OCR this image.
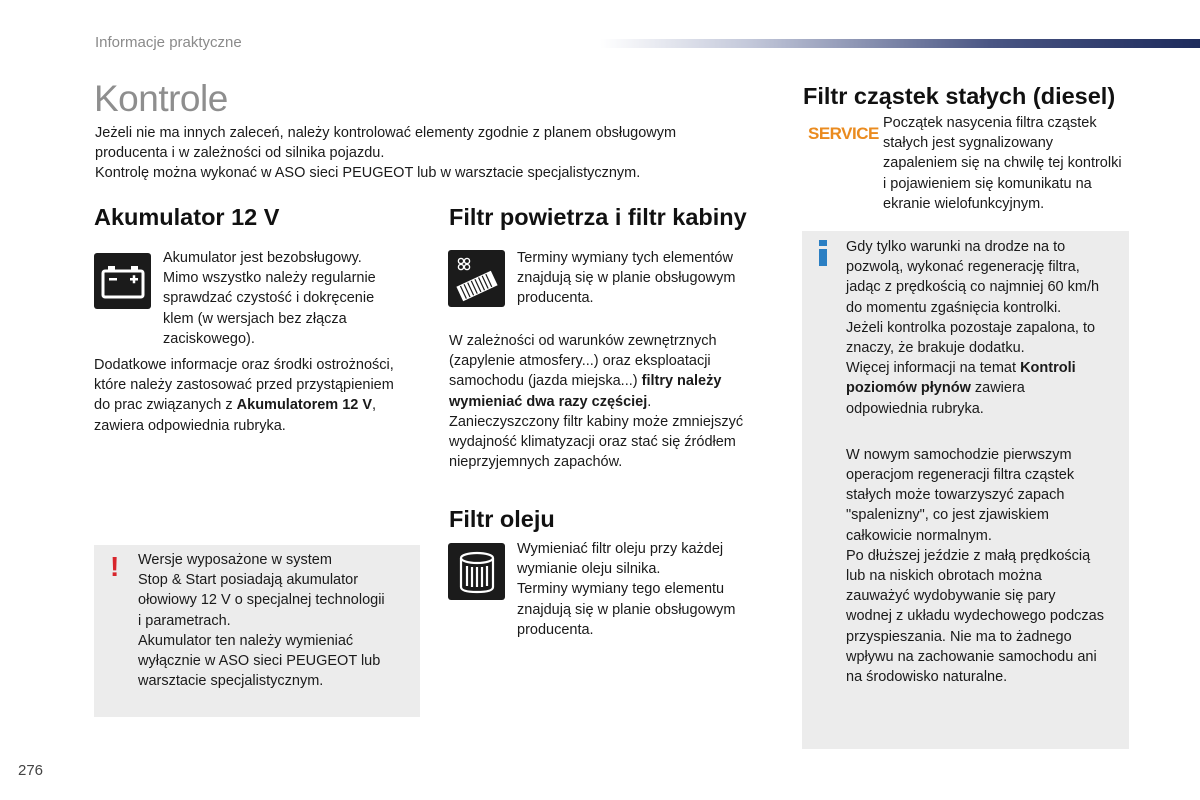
Informacje praktyczne
Kontrole

Jeżeli nie ma innych zaleceń, należy kontrolować elementy zgodnie z planem obsługowym

producenta i w zależności od silnika pojazdu.

Kontrolę można wykonać w ASO sieci PEUGEOT lub w warsztacie specjalistycznym.

Akumulator 12 V

Akumulator jest bezobsługowy.

Mimo wszystko należy regularnie

sprawdzać czystość i dokręcenie

klem (w wersjach bez złącza

zaciskowego).

Dodatkowe informacje oraz środki ostrożności,

które należy zastosować przed przystąpieniem

do prac związanych z Akumulatorem 12 V,

zawiera odpowiednia rubryka.

! Wersje wyposażone w system

Stop & Start posiadają akumulator

ołowiowy 12 V o specjalnej technologii

i parametrach.

Akumulator ten należy wymieniać

wyłącznie w ASO sieci PEUGEOT lub

warsztacie specjalistycznym.

Filtr powietrza i filtr kabiny

Terminy wymiany tych elementów

znajdują się w planie obsługowym

producenta.

W zależności od warunków zewnętrznych

(zapylenie atmosfery...) oraz eksploatacji

samochodu (jazda miejska...) filtry należy

wymieniać dwa razy częściej.

Zanieczyszczony filtr kabiny może zmniejszyć

wydajność klimatyzacji oraz stać się źródłem

nieprzyjemnych zapachów.

Filtr oleju

Wymieniać filtr oleju przy każdej

wymianie oleju silnika.

Terminy wymiany tego elementu

znajdują się w planie obsługowym

producenta.

Filtr cząstek stałych (diesel)
SERVICE

Początek nasycenia filtra cząstek

stałych jest sygnalizowany

zapaleniem się na chwilę tej kontrolki

i pojawieniem się komunikatu na

ekranie wielofunkcyjnym.

Gdy tylko warunki na drodze na to

pozwolą, wykonać regenerację filtra,

jadąc z prędkością co najmniej 60 km/h

do momentu zgaśnięcia kontrolki.

Jeżeli kontrolka pozostaje zapalona, to

znaczy, że brakuje dodatku.

Więcej informacji na temat Kontroli

poziomów płynów zawiera

odpowiednia rubryka.

W nowym samochodzie pierwszym

operacjom regeneracji filtra cząstek

stałych może towarzyszyć zapach

"spalenizny", co jest zjawiskiem

całkowicie normalnym.

Po dłuższej jeździe z małą prędkością

lub na niskich obrotach można

zauważyć wydobywanie się pary

wodnej z układu wydechowego podczas

przyspieszania. Nie ma to żadnego

wpływu na zachowanie samochodu ani

na środowisko naturalne.

276
